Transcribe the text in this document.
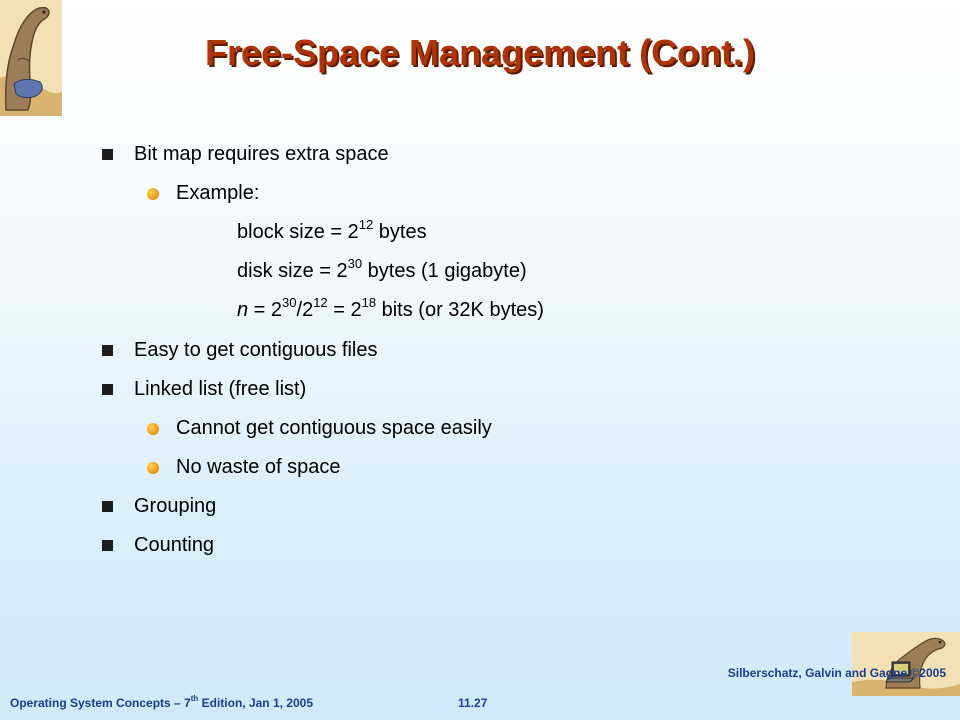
Free-Space Management (Cont.)
Bit map requires extra space
Example:
block size = $2^{12}$ bytes
disk size = $2^{30}$ bytes (1 gigabyte)
$n = 2^{30}/2^{12} = 2^{18}$ bits (or 32K bytes)
Easy to get contiguous files
Linked list (free list)
Cannot get contiguous space easily
No waste of space
Grouping
Counting
Operating System Concepts – 7th Edition, Jan 1, 2005	11.27
Silberschatz, Galvin and Gagne ©2005
